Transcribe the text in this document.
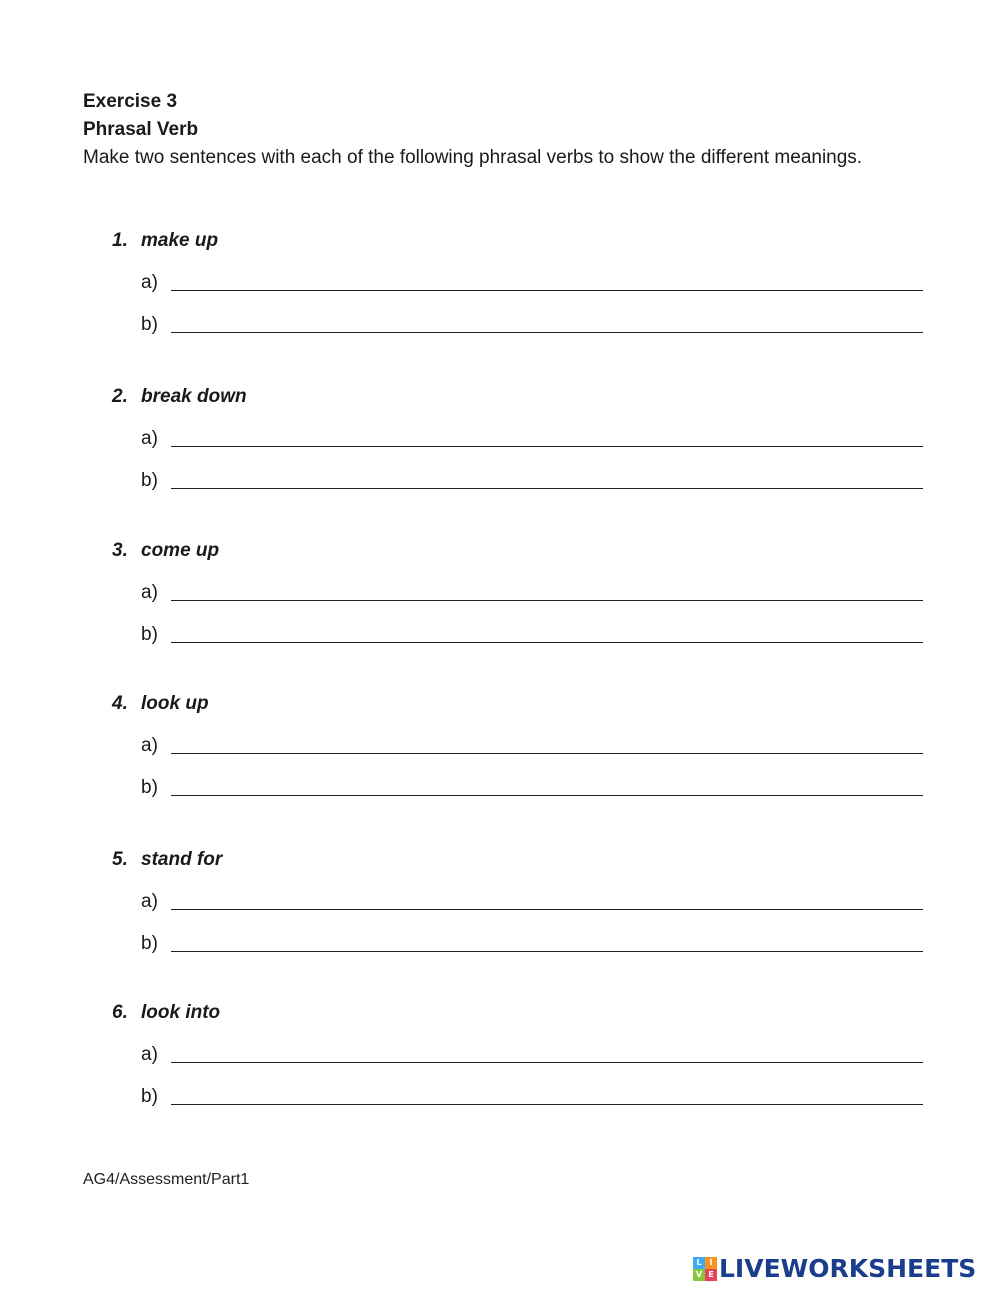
Exercise 3
Phrasal Verb
Make two sentences with each of the following phrasal verbs to show the different meanings.
1. make up
a)
b)
2. break down
a)
b)
3. come up
a)
b)
4. look up
a)
b)
5. stand for
a)
b)
6. look into
a)
b)
AG4/Assessment/Part1
L I
V E LIVEWORKSHEETS
